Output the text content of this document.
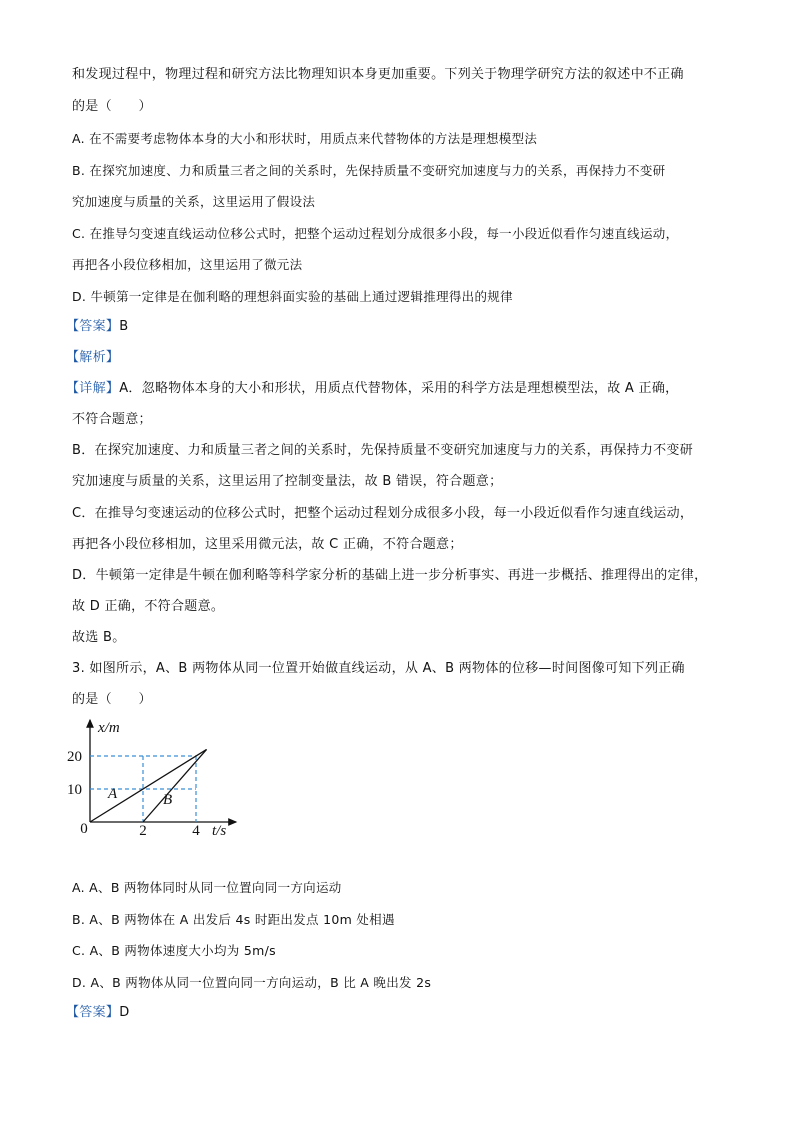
和发现过程中，物理过程和研究方法比物理知识本身更加重要。下列关于物理学研究方法的叙述中不正确
的是（　　）
A. 在不需要考虑物体本身的大小和形状时，用质点来代替物体的方法是理想模型法
B. 在探究加速度、力和质量三者之间的关系时，先保持质量不变研究加速度与力的关系，再保持力不变研
究加速度与质量的关系，这里运用了假设法
C. 在推导匀变速直线运动位移公式时，把整个运动过程划分成很多小段，每一小段近似看作匀速直线运动，
再把各小段位移相加，这里运用了微元法
D. 牛顿第一定律是在伽利略的理想斜面实验的基础上通过逻辑推理得出的规律
【答案】B
【解析】
【详解】A．忽略物体本身的大小和形状，用质点代替物体，采用的科学方法是理想模型法，故 A 正确，
不符合题意；
B．在探究加速度、力和质量三者之间的关系时，先保持质量不变研究加速度与力的关系，再保持力不变研
究加速度与质量的关系，这里运用了控制变量法，故 B 错误，符合题意；
C．在推导匀变速运动的位移公式时，把整个运动过程划分成很多小段，每一小段近似看作匀速直线运动，
再把各小段位移相加，这里采用微元法，故 C 正确，不符合题意；
D．牛顿第一定律是牛顿在伽利略等科学家分析的基础上进一步分析事实、再进一步概括、推理得出的定律，
故 D 正确，不符合题意。
故选 B。
3. 如图所示，A、B 两物体从同一位置开始做直线运动，从 A、B 两物体的位移—时间图像可知下列正确
的是（　　）
x/m
t/s
0
10
20
2	4
A	B
A. A、B 两物体同时从同一位置向同一方向运动
B. A、B 两物体在 A 出发后 4s 时距出发点 10m 处相遇
C. A、B 两物体速度大小均为 5m/s
D. A、B 两物体从同一位置向同一方向运动，B 比 A 晚出发 2s
【答案】D
